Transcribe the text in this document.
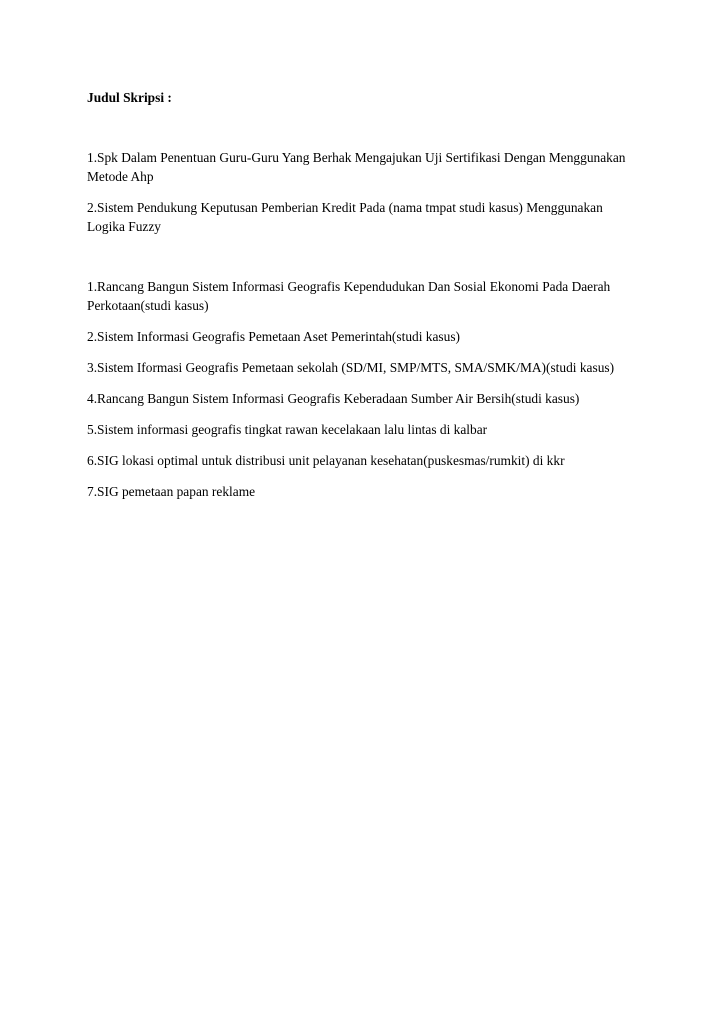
Judul Skripsi :

1.Spk Dalam Penentuan Guru-Guru Yang Berhak Mengajukan Uji Sertifikasi Dengan Menggunakan Metode Ahp

2.Sistem Pendukung Keputusan Pemberian Kredit Pada (nama tmpat studi kasus) Menggunakan Logika Fuzzy

1.Rancang Bangun Sistem Informasi Geografis Kependudukan Dan Sosial Ekonomi Pada Daerah Perkotaan(studi kasus)

2.Sistem Informasi Geografis Pemetaan Aset Pemerintah(studi kasus)

3.Sistem Iformasi Geografis Pemetaan sekolah (SD/MI, SMP/MTS, SMA/SMK/MA)(studi kasus)

4.Rancang Bangun Sistem Informasi Geografis Keberadaan Sumber Air Bersih(studi kasus)

5.Sistem informasi geografis tingkat rawan kecelakaan lalu lintas di kalbar

6.SIG lokasi optimal untuk distribusi unit pelayanan kesehatan(puskesmas/rumkit) di kkr

7.SIG pemetaan papan reklame
